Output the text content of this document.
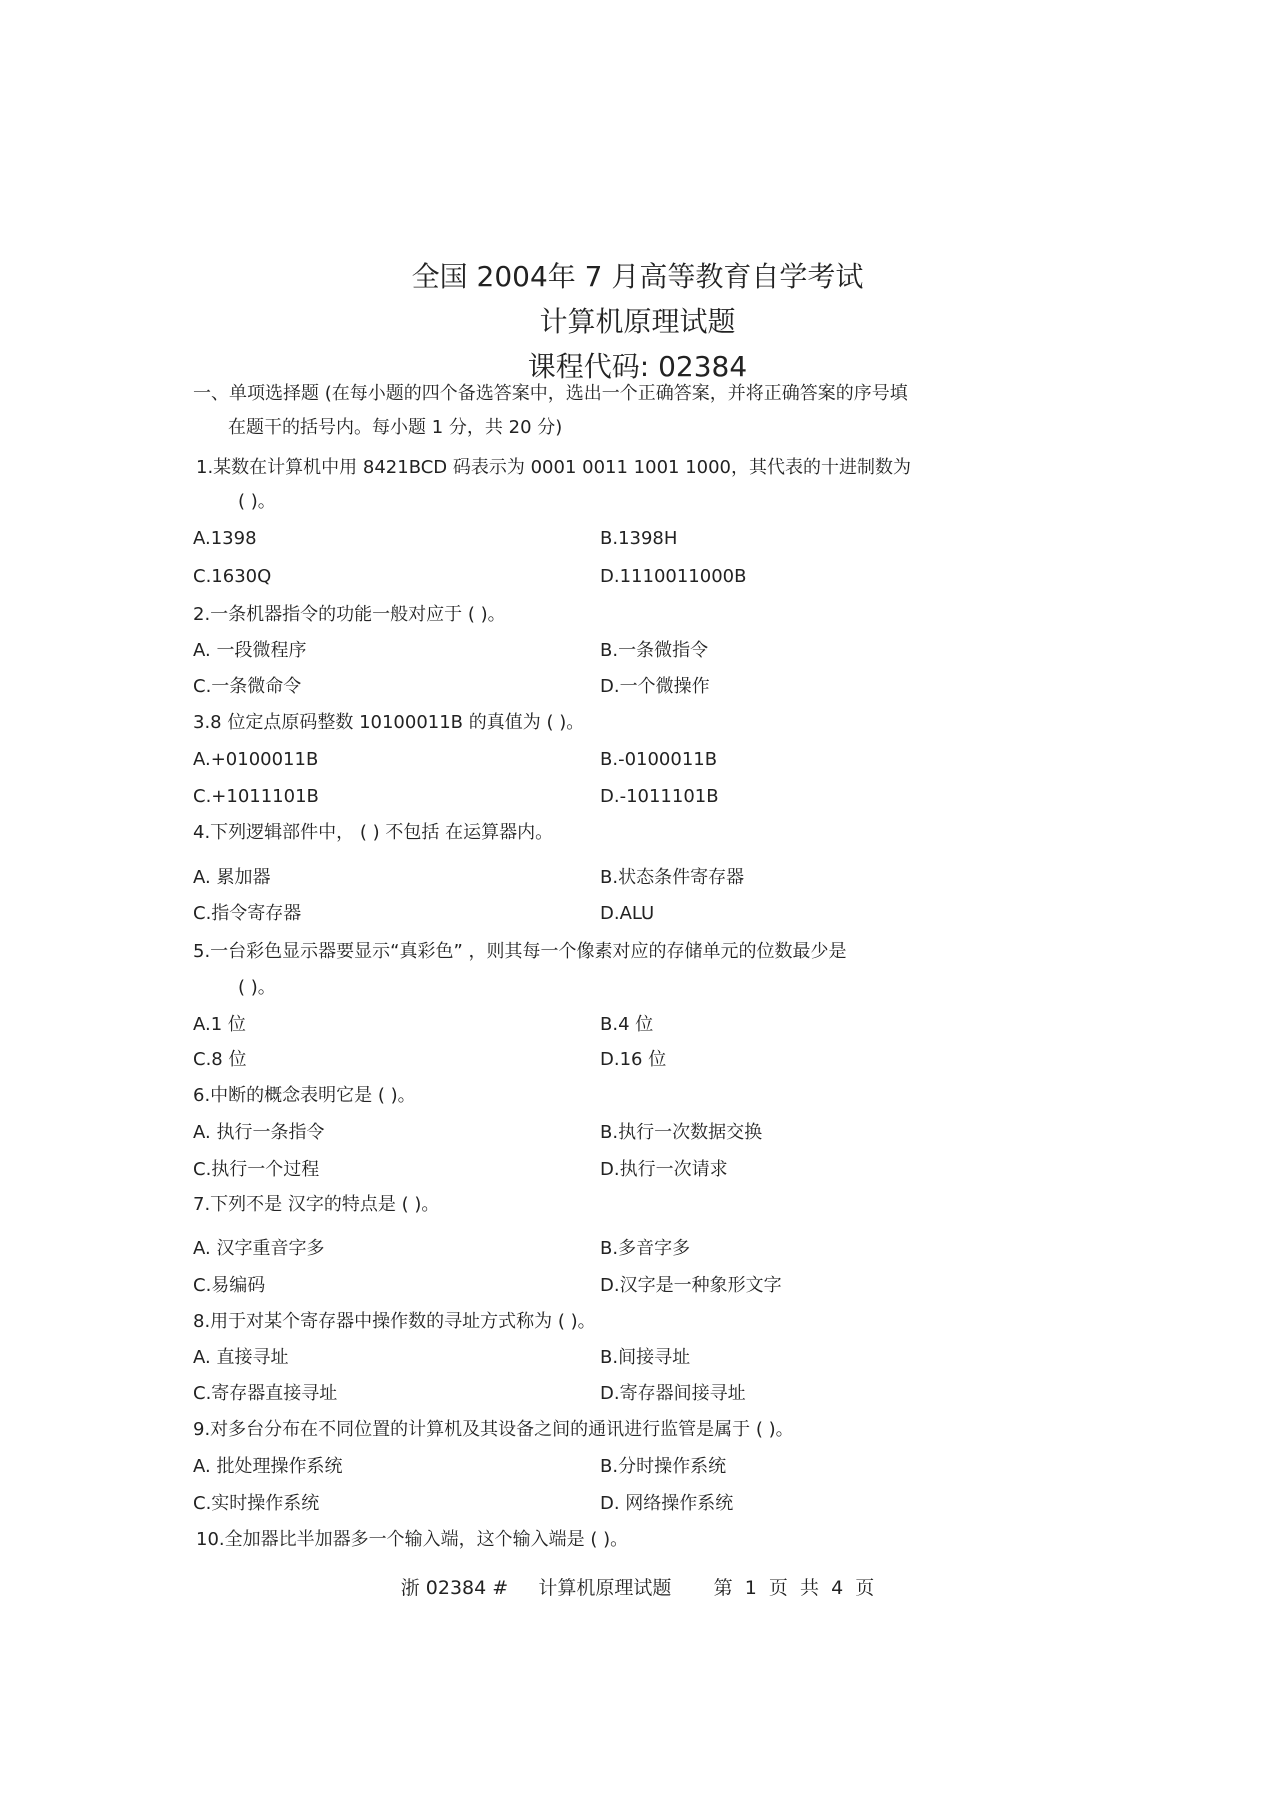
全国 2004年 7 月高等教育自学考试
计算机原理试题
课程代码: 02384
一、单项选择题 (在每小题的四个备选答案中，选出一个正确答案，并将正确答案的序号填
在题干的括号内。每小题 1 分，共 20 分)
1.某数在计算机中用 8421BCD 码表示为 0001 0011 1001 1000，其代表的十进制数为
( )。
A.1398	B.1398H
C.1630Q	D.1110011000B
2.一条机器指令的功能一般对应于 ( )。
A. 一段微程序	B.一条微指令
C.一条微命令	D.一个微操作
3.8 位定点原码整数 10100011B 的真值为 ( )。
A.+0100011B	B.-0100011B
C.+1011101B	D.-1011101B
4.下列逻辑部件中， ( ) 不包括 在运算器内。
A. 累加器	B.状态条件寄存器
C.指令寄存器	D.ALU
5.一台彩色显示器要显示“真彩色” ，则其每一个像素对应的存储单元的位数最少是
( )。
A.1 位	B.4 位
C.8 位	D.16 位
6.中断的概念表明它是 ( )。
A. 执行一条指令	B.执行一次数据交换
C.执行一个过程	D.执行一次请求
7.下列不是 汉字的特点是 ( )。
A. 汉字重音字多	B.多音字多
C.易编码	D.汉字是一种象形文字
8.用于对某个寄存器中操作数的寻址方式称为 ( )。
A. 直接寻址	B.间接寻址
C.寄存器直接寻址	D.寄存器间接寻址
9.对多台分布在不同位置的计算机及其设备之间的通讯进行监管是属于 ( )。
A. 批处理操作系统	B.分时操作系统
C.实时操作系统	D. 网络操作系统
10.全加器比半加器多一个输入端，这个输入端是 ( )。
浙 02384 #     计算机原理试题       第  1  页  共  4  页
